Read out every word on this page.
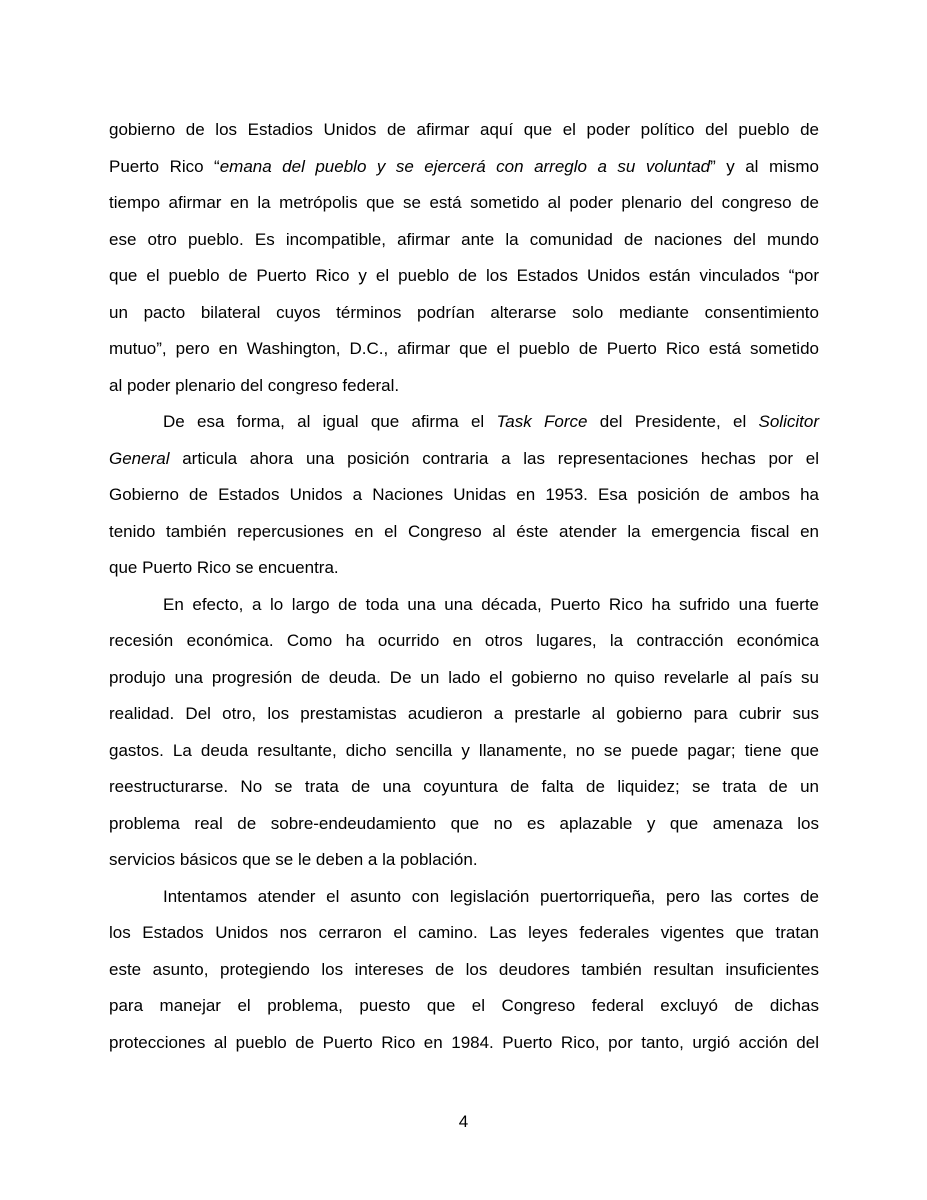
gobierno de los Estadios Unidos de afirmar aquí que el poder político del pueblo de
Puerto Rico “emana del pueblo y se ejercerá con arreglo a su voluntad” y al mismo
tiempo afirmar en la metrópolis que se está sometido al poder plenario del congreso de
ese otro pueblo. Es incompatible, afirmar ante la comunidad de naciones del mundo
que el pueblo de Puerto Rico y el pueblo de los Estados Unidos están vinculados “por
un pacto bilateral cuyos términos podrían alterarse solo mediante consentimiento
mutuo”, pero en Washington, D.C., afirmar que el pueblo de Puerto Rico está sometido
al poder plenario del congreso federal.
De esa forma, al igual que afirma el Task Force del Presidente, el Solicitor
General articula ahora una posición contraria a las representaciones hechas por el
Gobierno de Estados Unidos a Naciones Unidas en 1953. Esa posición de ambos ha
tenido también repercusiones en el Congreso al éste atender la emergencia fiscal en
que Puerto Rico se encuentra.
En efecto, a lo largo de toda una una década, Puerto Rico ha sufrido una fuerte
recesión económica. Como ha ocurrido en otros lugares, la contracción económica
produjo una progresión de deuda. De un lado el gobierno no quiso revelarle al país su
realidad. Del otro, los prestamistas acudieron a prestarle al gobierno para cubrir sus
gastos. La deuda resultante, dicho sencilla y llanamente, no se puede pagar; tiene que
reestructurarse. No se trata de una coyuntura de falta de liquidez; se trata de un
problema real de sobre-endeudamiento que no es aplazable y que amenaza los
servicios básicos que se le deben a la población.
Intentamos atender el asunto con legislación puertorriqueña, pero las cortes de
los Estados Unidos nos cerraron el camino. Las leyes federales vigentes que tratan
este asunto, protegiendo los intereses de los deudores también resultan insuficientes
para manejar el problema, puesto que el Congreso federal excluyó de dichas
protecciones al pueblo de Puerto Rico en 1984. Puerto Rico, por tanto, urgió acción del
4
